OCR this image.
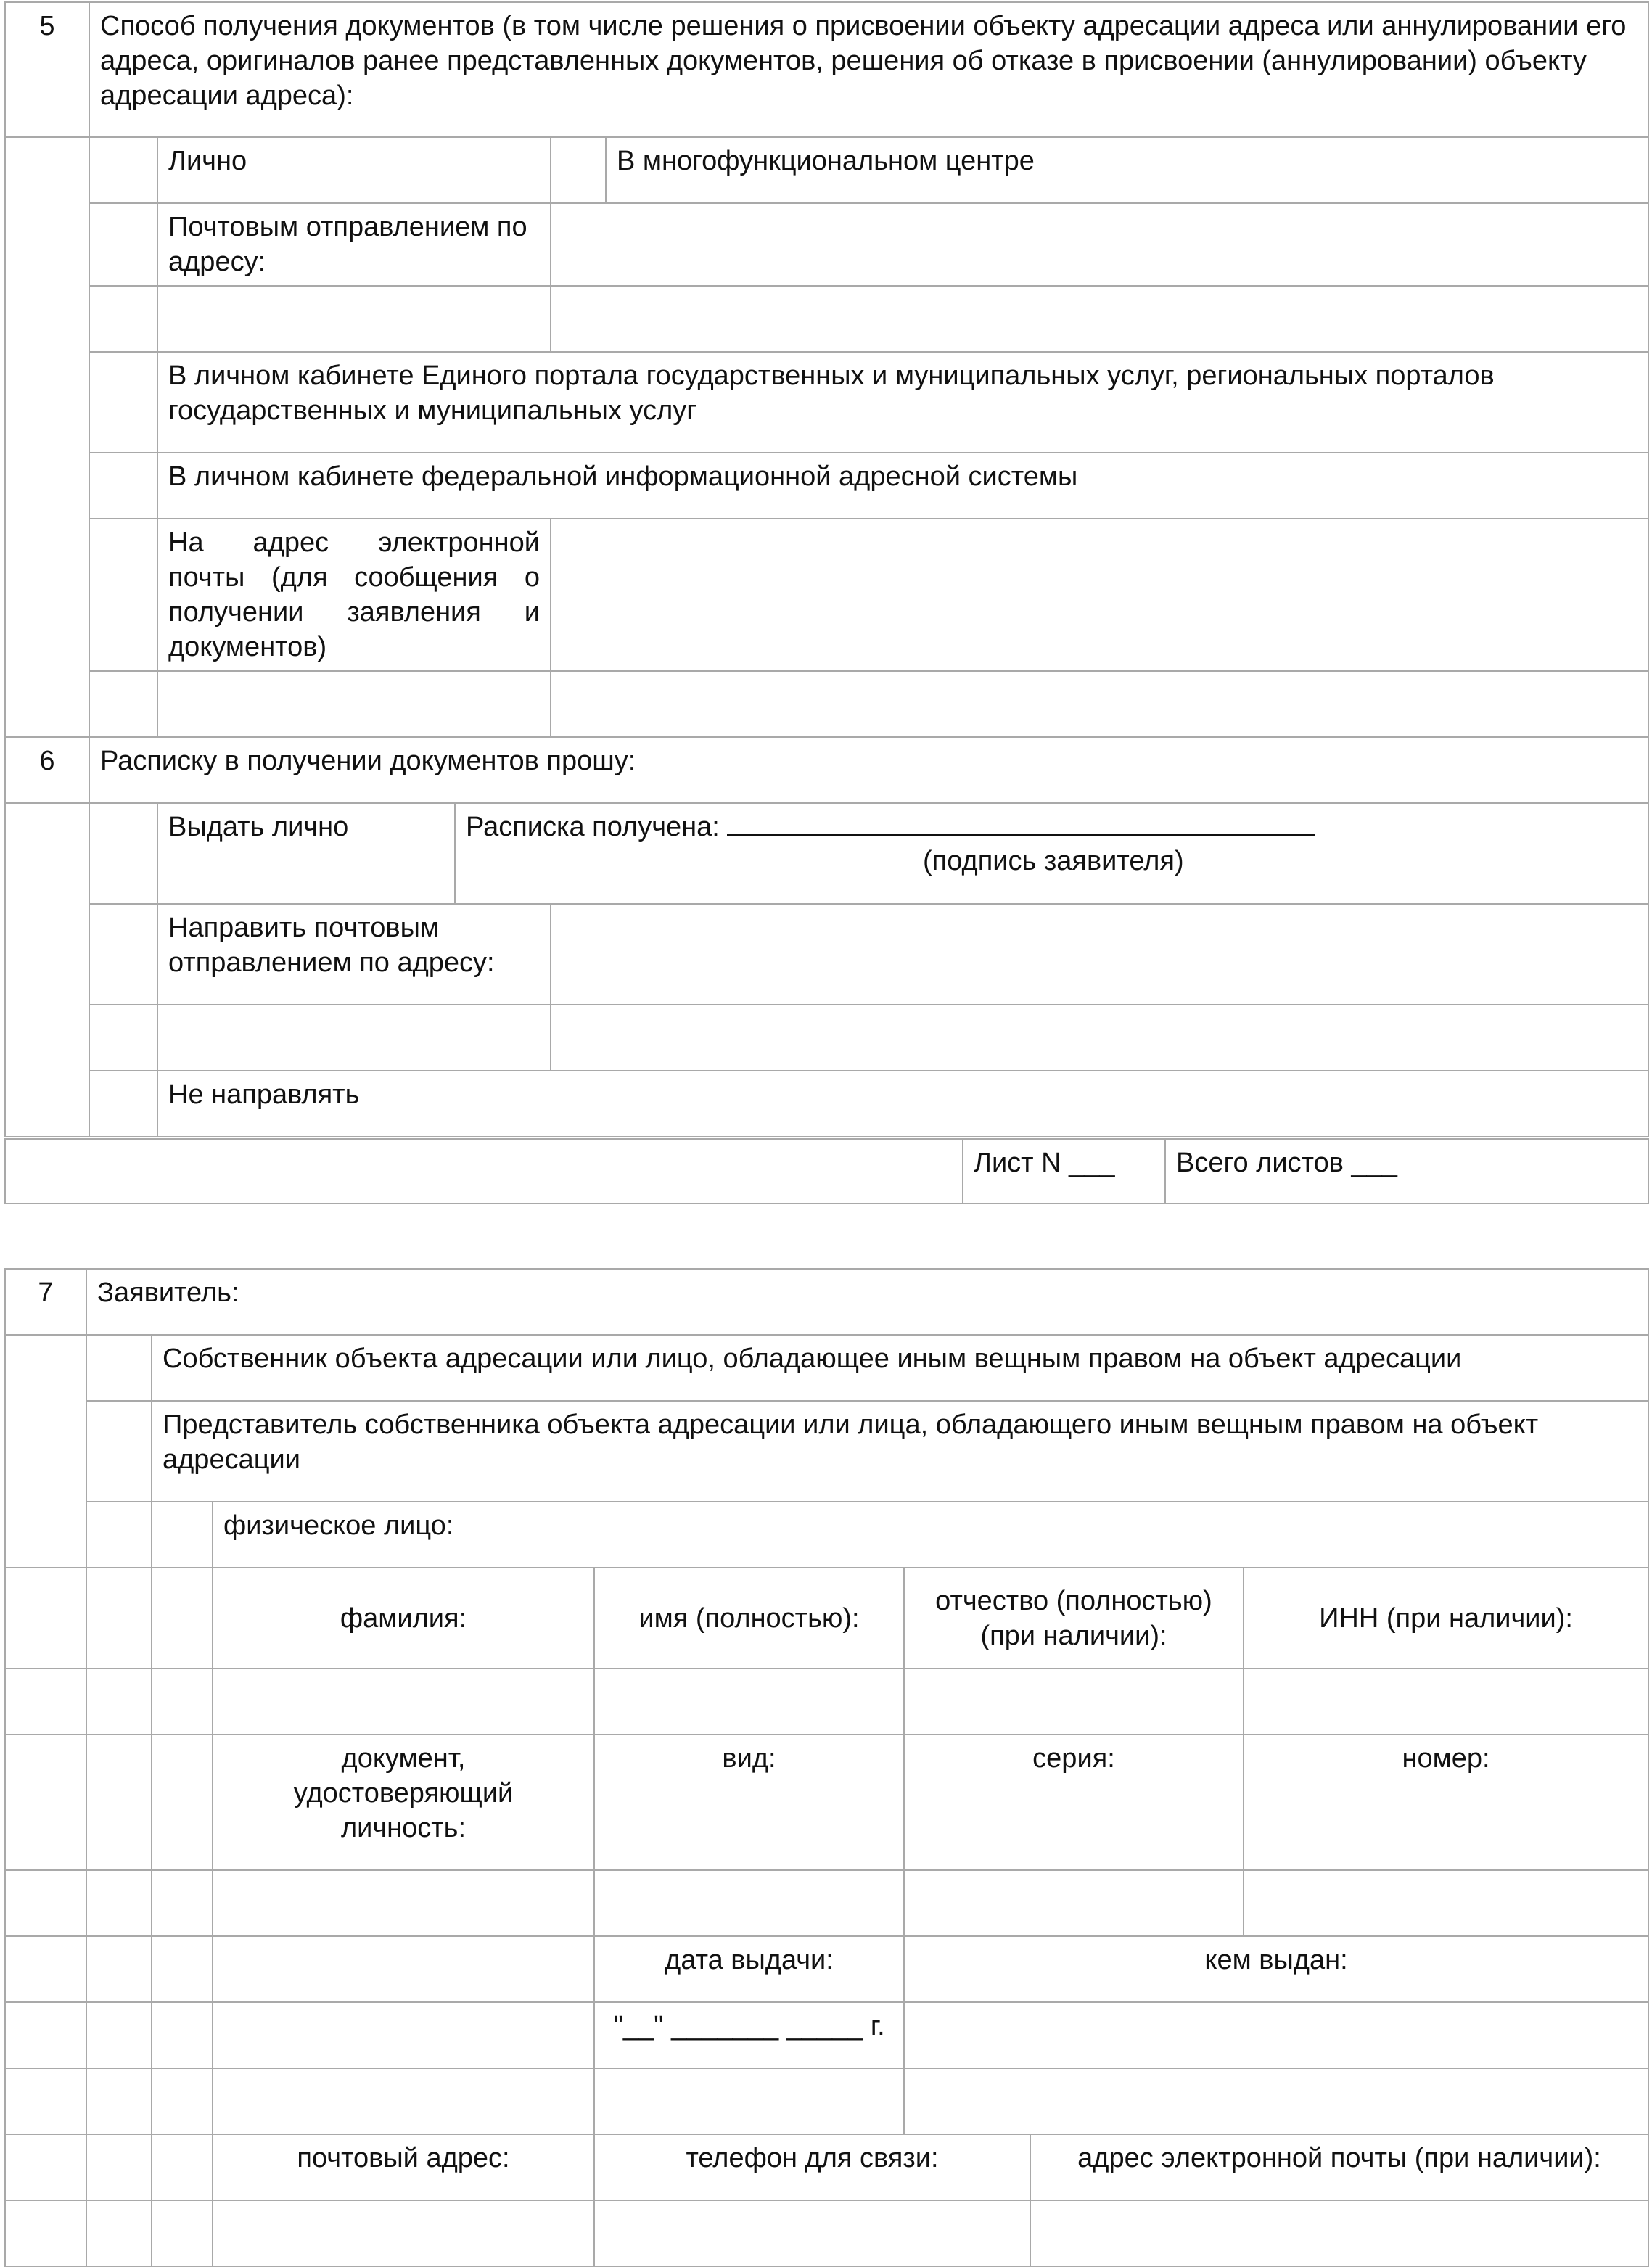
5	Способ получения документов (в том числе решения о присвоении объекту адресации адреса или аннулировании его адреса, оригиналов ранее представленных документов, решения об отказе в присвоении (аннулировании) объекту адресации адреса):				
		Лично			В многофункциональном центре
		Почтовым отправлением по адресу:			

		В личном кабинете Единого портала государственных и муниципальных услуг, региональных порталов государственных и муниципальных услуг			
		В личном кабинете федеральной информационной адресной системы			
		На адрес электронной почты (для сообщения о получении заявления и документов)			

6	Расписку в получении документов прошу:				
		Выдать лично	Расписка получена:
(подпись заявителя)		

		Направить почтовым отправлением по адресу:			

		Не направлять			
	Лист N ___	Всего листов ___
7	Заявитель:						
		Собственник объекта адресации или лицо, обладающее иным вещным правом на объект адресации					
		Представитель собственника объекта адресации или лица, обладающего иным вещным правом на объект адресации					
			физическое лицо:				
			фамилия:	имя (полностью):	отчество (полностью) (при наличии):		ИНН (при наличии):

			документ, удостоверяющий личность:	вид:	серия:		номер:

				дата выдачи:	кем выдан:		
				"__" _______ _____ г.			

			почтовый адрес:	телефон для связи:		адрес электронной почты (при наличии):	
